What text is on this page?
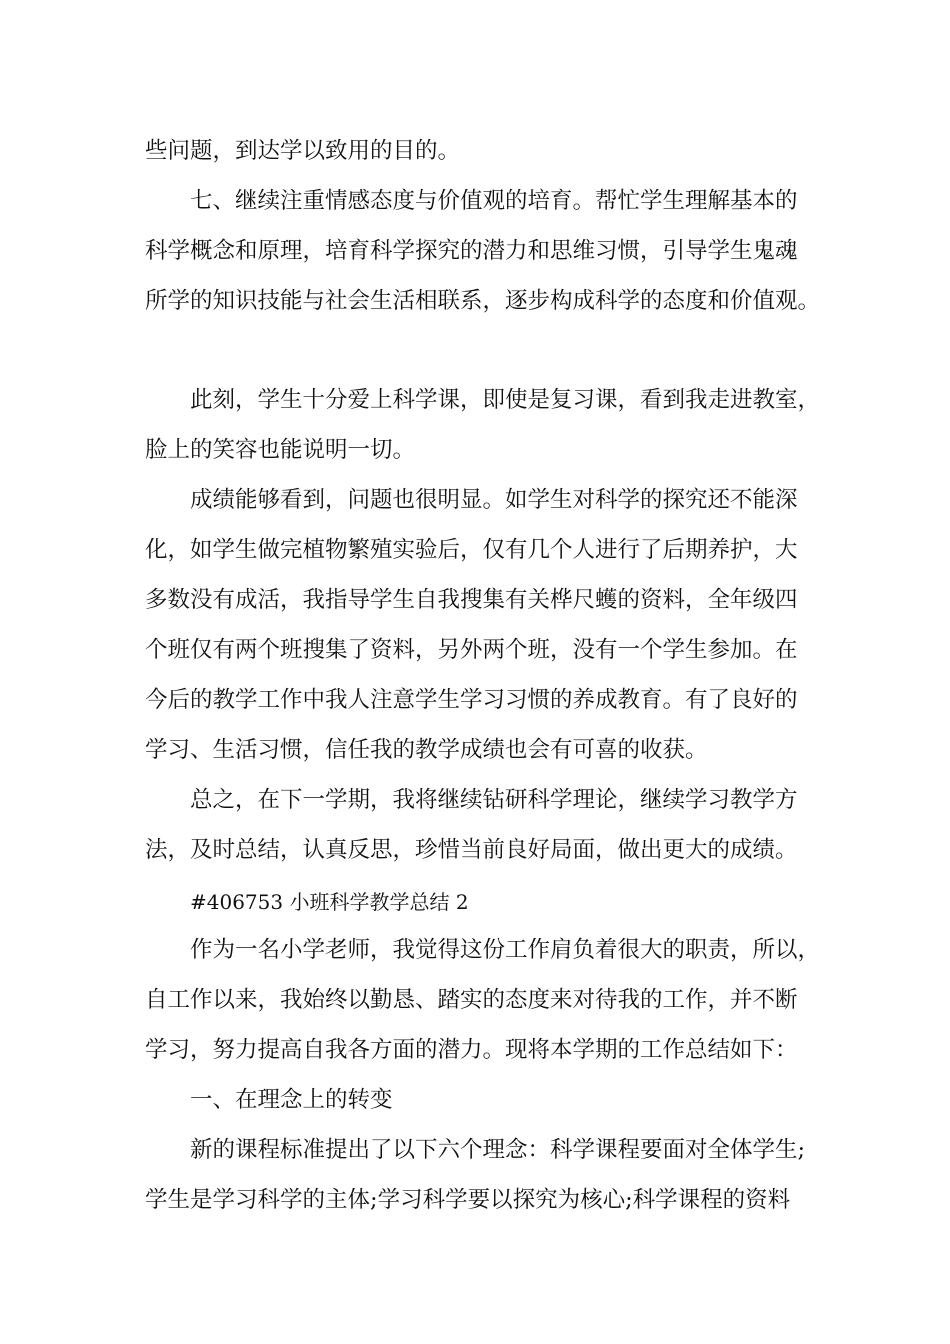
些问题，到达学以致用的目的。
七、继续注重情感态度与价值观的培育。帮忙学生理解基本的
科学概念和原理，培育科学探究的潜力和思维习惯，引导学生鬼魂
所学的知识技能与社会生活相联系，逐步构成科学的态度和价值观。
此刻，学生十分爱上科学课，即使是复习课，看到我走进教室，
脸上的笑容也能说明一切。
成绩能够看到，问题也很明显。如学生对科学的探究还不能深
化，如学生做完植物繁殖实验后，仅有几个人进行了后期养护，大
多数没有成活，我指导学生自我搜集有关桦尺蠖的资料，全年级四
个班仅有两个班搜集了资料，另外两个班，没有一个学生参加。在
今后的教学工作中我人注意学生学习习惯的养成教育。有了良好的
学习、生活习惯，信任我的教学成绩也会有可喜的收获。
总之，在下一学期，我将继续钻研科学理论，继续学习教学方
法，及时总结，认真反思，珍惜当前良好局面，做出更大的成绩。
#406753 小班科学教学总结 2
作为一名小学老师，我觉得这份工作肩负着很大的职责，所以，
自工作以来，我始终以勤恳、踏实的态度来对待我的工作，并不断
学习，努力提高自我各方面的潜力。现将本学期的工作总结如下：
一、在理念上的转变
新的课程标准提出了以下六个理念：科学课程要面对全体学生;
学生是学习科学的主体;学习科学要以探究为核心;科学课程的资料
